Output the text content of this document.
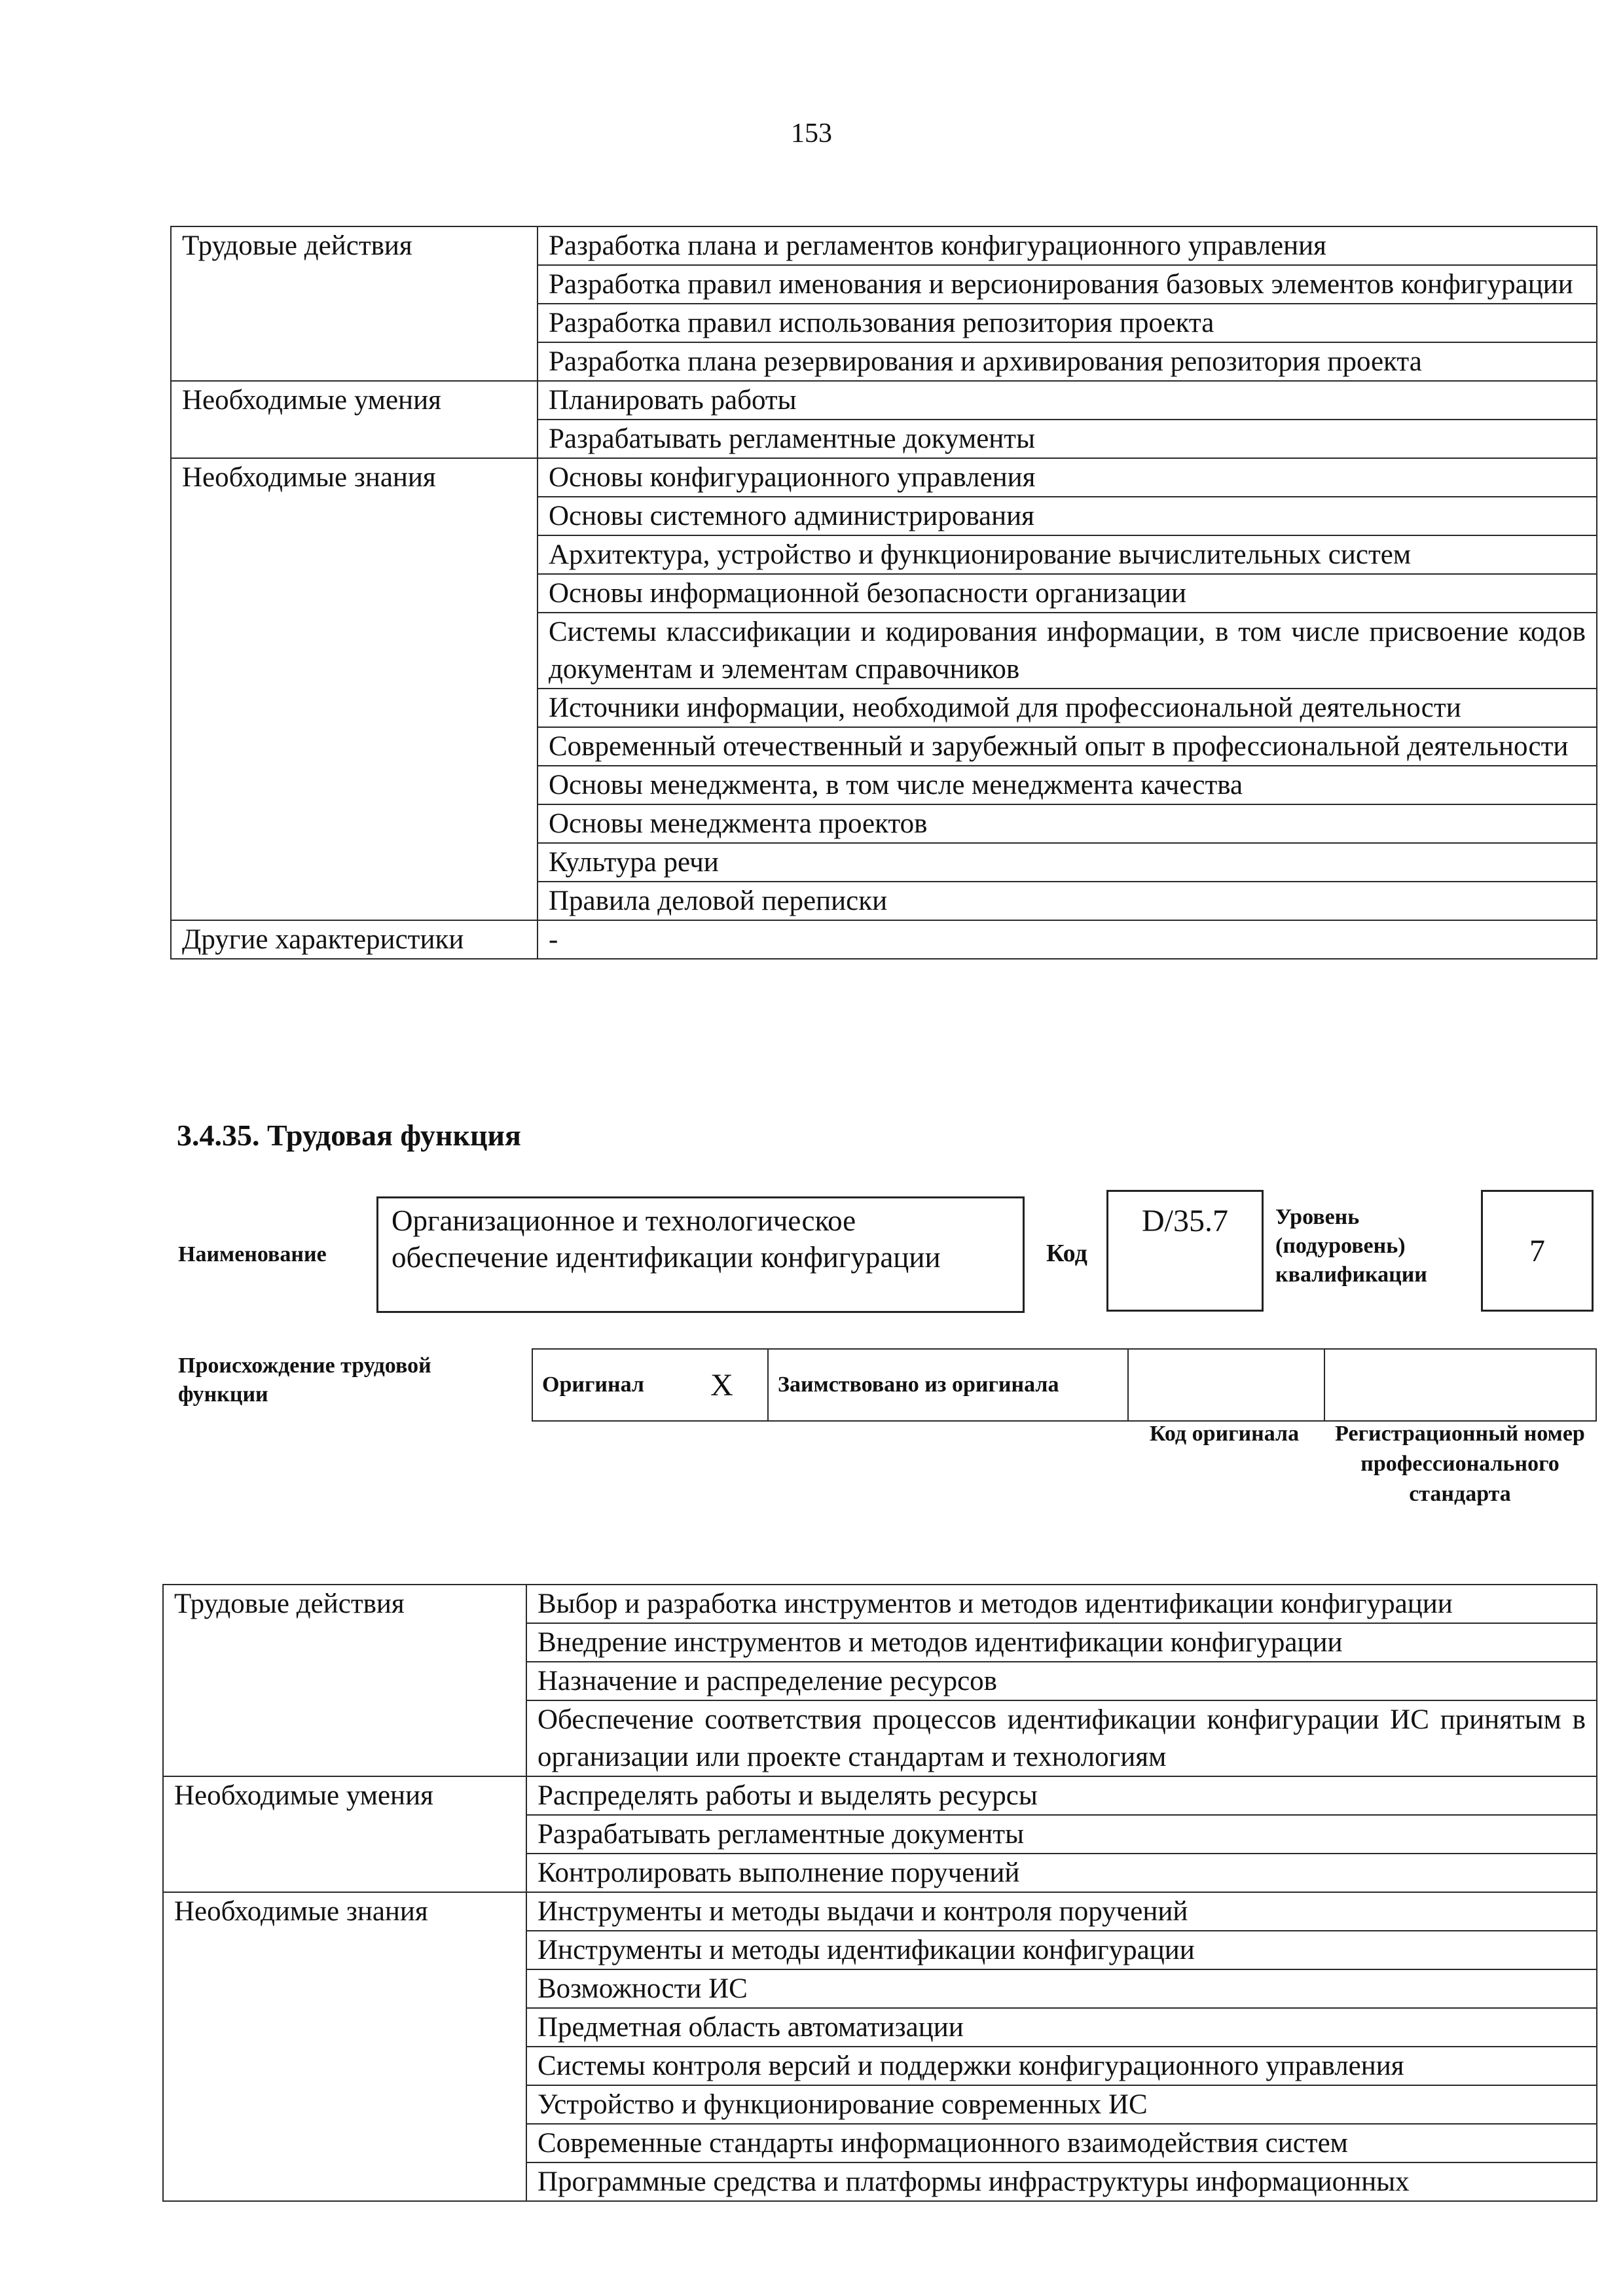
153
Трудовые действия	Разработка плана и регламентов конфигурационного управления
	Разработка правил именования и версионирования базовых элементов конфигурации
	Разработка правил использования репозитория проекта
	Разработка плана резервирования и архивирования репозитория проекта
Необходимые умения	Планировать работы
	Разрабатывать регламентные документы
Необходимые знания	Основы конфигурационного управления
	Основы системного администрирования
	Архитектура, устройство и функционирование вычислительных систем
	Основы информационной безопасности организации
	Системы классификации и кодирования информации, в том числе присвоение кодов документам и элементам справочников
	Источники информации, необходимой для профессиональной деятельности
	Современный отечественный и зарубежный опыт в профессиональной деятельности
	Основы менеджмента, в том числе менеджмента качества
	Основы менеджмента проектов
	Культура речи
	Правила деловой переписки
Другие характеристики	-
3.4.35. Трудовая функция
Наименование
Организационное и технологическое обеспечение идентификации конфигурации	Код
D/35.7	Уровень (подуровень) квалификации
7
Происхождение трудовой функции	Оригинал	X	Заимствовано из оригинала		
Код оригинала Регистрационный номер профессионального стандарта
Трудовые действия	Выбор и разработка инструментов и методов идентификации конфигурации
	Внедрение инструментов и методов идентификации конфигурации
	Назначение и распределение ресурсов
	Обеспечение соответствия процессов идентификации конфигурации ИС принятым в организации или проекте стандартам и технологиям
Необходимые умения	Распределять работы и выделять ресурсы
	Разрабатывать регламентные документы
	Контролировать выполнение поручений
Необходимые знания	Инструменты и методы выдачи и контроля поручений
	Инструменты и методы идентификации конфигурации
	Возможности ИС
	Предметная область автоматизации
	Системы контроля версий и поддержки конфигурационного управления
	Устройство и функционирование современных ИС
	Современные стандарты информационного взаимодействия систем
	Программные средства и платформы инфраструктуры информационных
